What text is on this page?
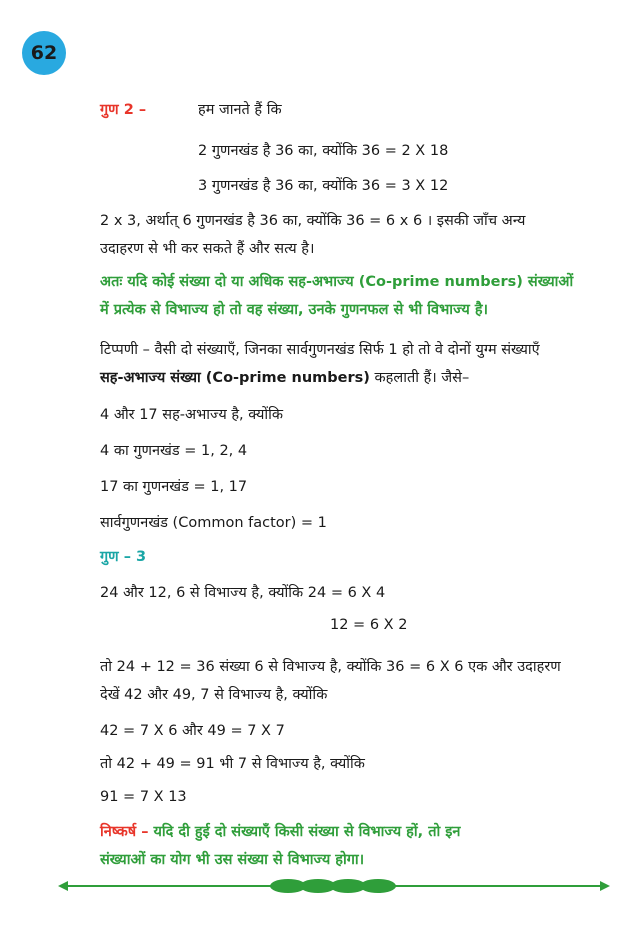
62
गुण 2 –	हम जानते हैं कि
2 गुणनखंड है 36 का, क्योंकि 36 = 2 X 18
3 गुणनखंड है 36 का, क्योंकि 36 = 3 X 12
2 x 3, अर्थात् 6 गुणनखंड है 36 का, क्योंकि 36 = 6 x 6 । इसकी जाँच अन्य
उदाहरण से भी कर सकते हैं और सत्य है।
अतः यदि कोई संख्या दो या अधिक सह-अभाज्य (Co-prime numbers) संख्याओं
में प्रत्येक से विभाज्य हो तो वह संख्या, उनके गुणनफल से भी विभाज्य है।
टिप्पणी – वैसी दो संख्याएँ, जिनका सार्वगुणनखंड सिर्फ 1 हो तो वे दोनों युग्म संख्याएँ
सह-अभाज्य संख्या (Co-prime numbers) कहलाती हैं। जैसे–
4 और 17 सह-अभाज्य है, क्योंकि
4 का गुणनखंड = 1, 2, 4
17 का गुणनखंड = 1, 17
सार्वगुणनखंड (Common factor) = 1
गुण – 3
24 और 12, 6 से विभाज्य है, क्योंकि 24 = 6 X 4
12 = 6 X 2
तो 24 + 12 = 36 संख्या 6 से विभाज्य है, क्योंकि 36 = 6 X 6 एक और उदाहरण
देखें 42 और 49, 7 से विभाज्य है, क्योंकि
42 = 7 X 6 और 49 = 7 X 7
तो 42 + 49 = 91 भी 7 से विभाज्य है, क्योंकि
91 = 7 X 13
निष्कर्ष – यदि दी हुई दो संख्याएँ किसी संख्या से विभाज्य हों, तो इन
संख्याओं का योग भी उस संख्या से विभाज्य होगा।
